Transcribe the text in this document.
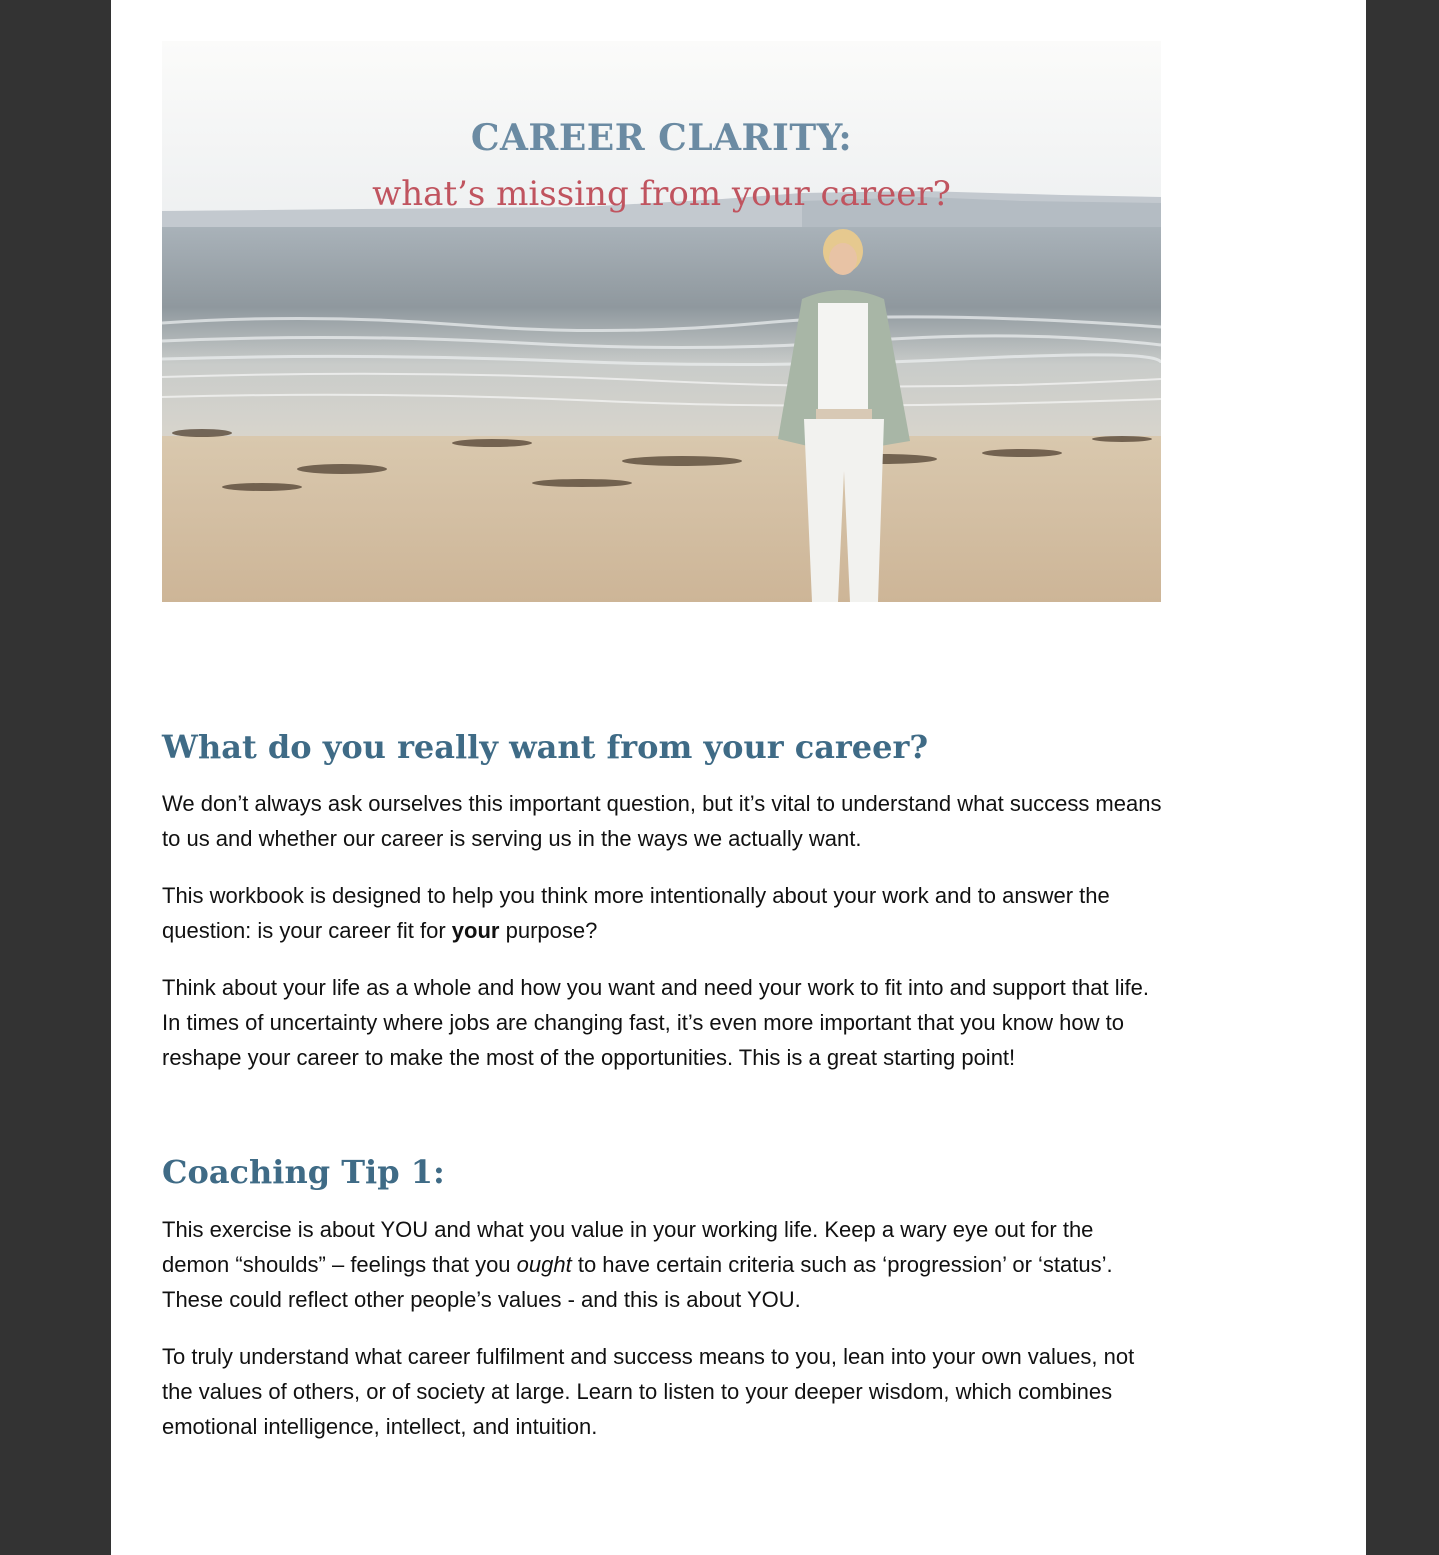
CAREER CLARITY:

what’s missing from your career?

What do you really want from your career?

We don’t always ask ourselves this important question, but it’s vital to understand what success means to us and whether our career is serving us in the ways we actually want.

This workbook is designed to help you think more intentionally about your work and to answer the question: is your career fit for your purpose?

Think about your life as a whole and how you want and need your work to fit into and support that life. In times of uncertainty where jobs are changing fast, it’s even more important that you know how to reshape your career to make the most of the opportunities. This is a great starting point!

Coaching Tip 1:

This exercise is about YOU and what you value in your working life. Keep a wary eye out for the demon “shoulds” – feelings that you ought to have certain criteria such as ‘progression’ or ‘status’. These could reflect other people’s values - and this is about YOU.

To truly understand what career fulfilment and success means to you, lean into your own values, not the values of others, or of society at large. Learn to listen to your deeper wisdom, which combines emotional intelligence, intellect, and intuition.
